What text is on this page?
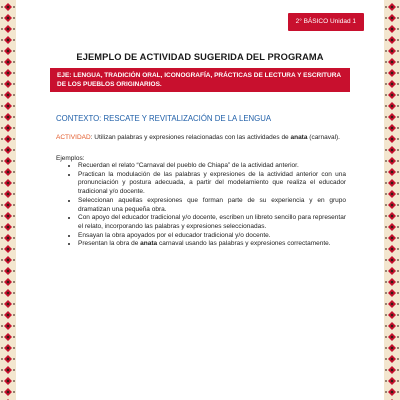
2° BÁSICO Unidad 1
EJEMPLO DE ACTIVIDAD SUGERIDA DEL PROGRAMA
EJE: LENGUA, TRADICIÓN ORAL, ICONOGRAFÍA, PRÁCTICAS DE LECTURA Y ESCRITURA DE LOS PUEBLOS ORIGINARIOS.
CONTEXTO: RESCATE Y REVITALIZACIÓN DE LA LENGUA
ACTIVIDAD: Utilizan palabras y expresiones relacionadas con las actividades de anata (carnaval).
Ejemplos:
• Recuerdan el relato “Carnaval del pueblo de Chiapa” de la actividad anterior.
• Practican la modulación de las palabras y expresiones de la actividad anterior con una pronunciación y postura adecuada, a partir del modelamiento que realiza el educador tradicional y/o docente.
• Seleccionan aquellas expresiones que forman parte de su experiencia y en grupo dramatizan una pequeña obra.
• Con apoyo del educador tradicional y/o docente, escriben un libreto sencillo para representar el relato, incorporando las palabras y expresiones seleccionadas.
• Ensayan la obra apoyados por el educador tradicional y/o docente.
• Presentan la obra de anata carnaval usando las palabras y expresiones correctamente.
